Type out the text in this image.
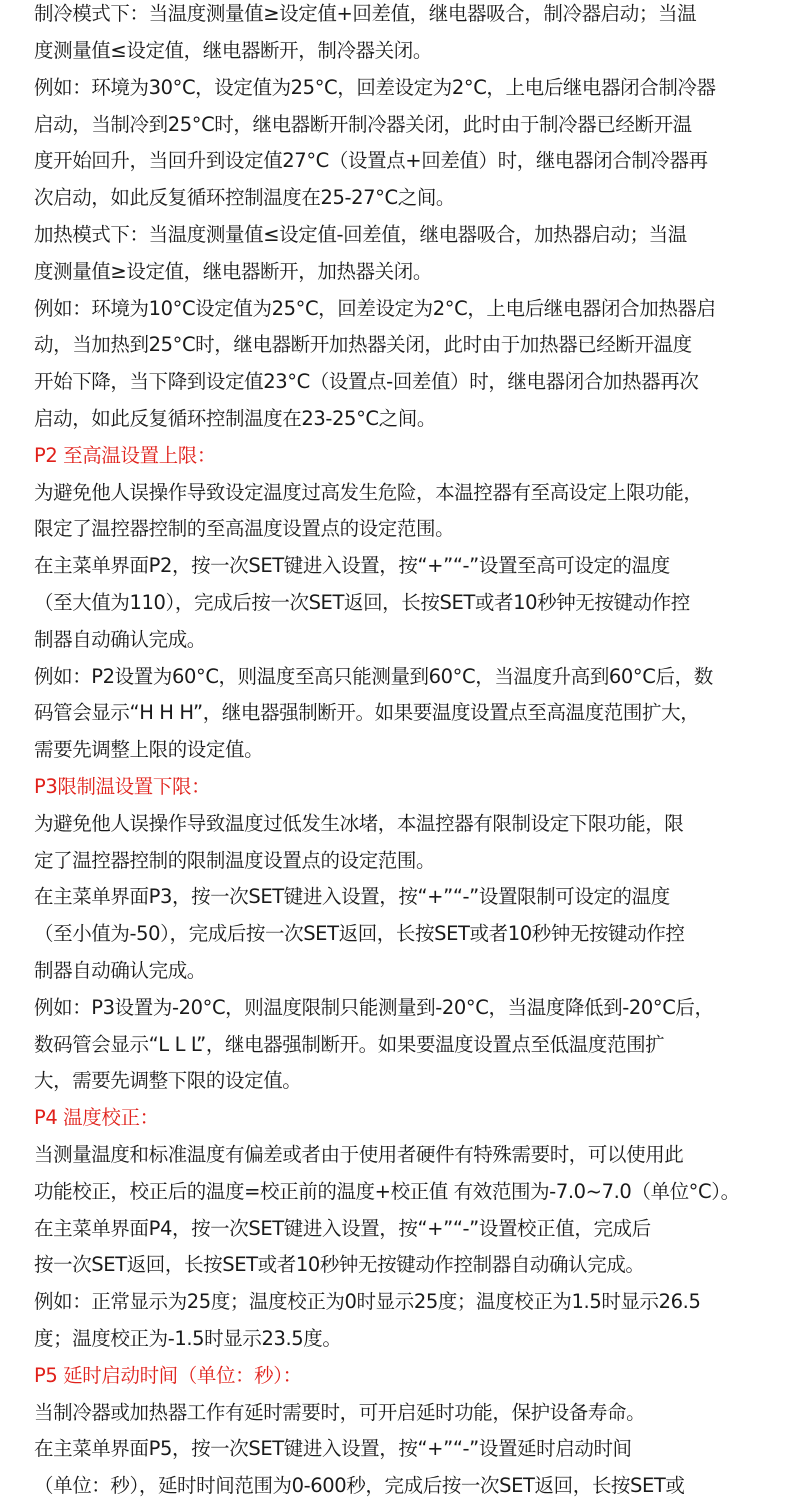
制冷模式下：当温度测量值≥设定值+回差值，继电器吸合，制冷器启动；当温
度测量值≤设定值，继电器断开，制冷器关闭。
例如：环境为30°C，设定值为25°C，回差设定为2°C，上电后继电器闭合制冷器
启动，当制冷到25°C时，继电器断开制冷器关闭，此时由于制冷器已经断开温
度开始回升，当回升到设定值27°C（设置点+回差值）时，继电器闭合制冷器再
次启动，如此反复循环控制温度在25-27°C之间。
加热模式下：当温度测量值≤设定值-回差值，继电器吸合，加热器启动；当温
度测量值≥设定值，继电器断开，加热器关闭。
例如：环境为10°C设定值为25°C，回差设定为2°C，上电后继电器闭合加热器启
动，当加热到25°C时，继电器断开加热器关闭，此时由于加热器已经断开温度
开始下降，当下降到设定值23°C（设置点-回差值）时，继电器闭合加热器再次
启动，如此反复循环控制温度在23-25°C之间。
P2 至高温设置上限：
为避免他人误操作导致设定温度过高发生危险，本温控器有至高设定上限功能，
限定了温控器控制的至高温度设置点的设定范围。
在主菜单界面P2，按一次SET键进入设置，按“+”“-”设置至高可设定的温度
（至大值为110），完成后按一次SET返回，长按SET或者10秒钟无按键动作控
制器自动确认完成。
例如：P2设置为60°C，则温度至高只能测量到60°C，当温度升高到60°C后，数
码管会显示“H H H”，继电器强制断开。如果要温度设置点至高温度范围扩大，
需要先调整上限的设定值。
P3限制温设置下限：
为避免他人误操作导致温度过低发生冰堵，本温控器有限制设定下限功能，限
定了温控器控制的限制温度设置点的设定范围。
在主菜单界面P3，按一次SET键进入设置，按“+”“-”设置限制可设定的温度
（至小值为-50），完成后按一次SET返回，长按SET或者10秒钟无按键动作控
制器自动确认完成。
例如：P3设置为-20°C，则温度限制只能测量到-20°C，当温度降低到-20°C后，
数码管会显示“L L L”，继电器强制断开。如果要温度设置点至低温度范围扩
大，需要先调整下限的设定值。
P4 温度校正：
当测量温度和标准温度有偏差或者由于使用者硬件有特殊需要时，可以使用此
功能校正，校正后的温度=校正前的温度+校正值 有效范围为-7.0~7.0（单位°C）。
在主菜单界面P4，按一次SET键进入设置，按“+”“-”设置校正值，完成后
按一次SET返回，长按SET或者10秒钟无按键动作控制器自动确认完成。
例如：正常显示为25度；温度校正为0时显示25度；温度校正为1.5时显示26.5
度；温度校正为-1.5时显示23.5度。
P5 延时启动时间（单位：秒）：
当制冷器或加热器工作有延时需要时，可开启延时功能，保护设备寿命。
在主菜单界面P5，按一次SET键进入设置，按“+”“-”设置延时启动时间
（单位：秒），延时时间范围为0-600秒，完成后按一次SET返回，长按SET或
